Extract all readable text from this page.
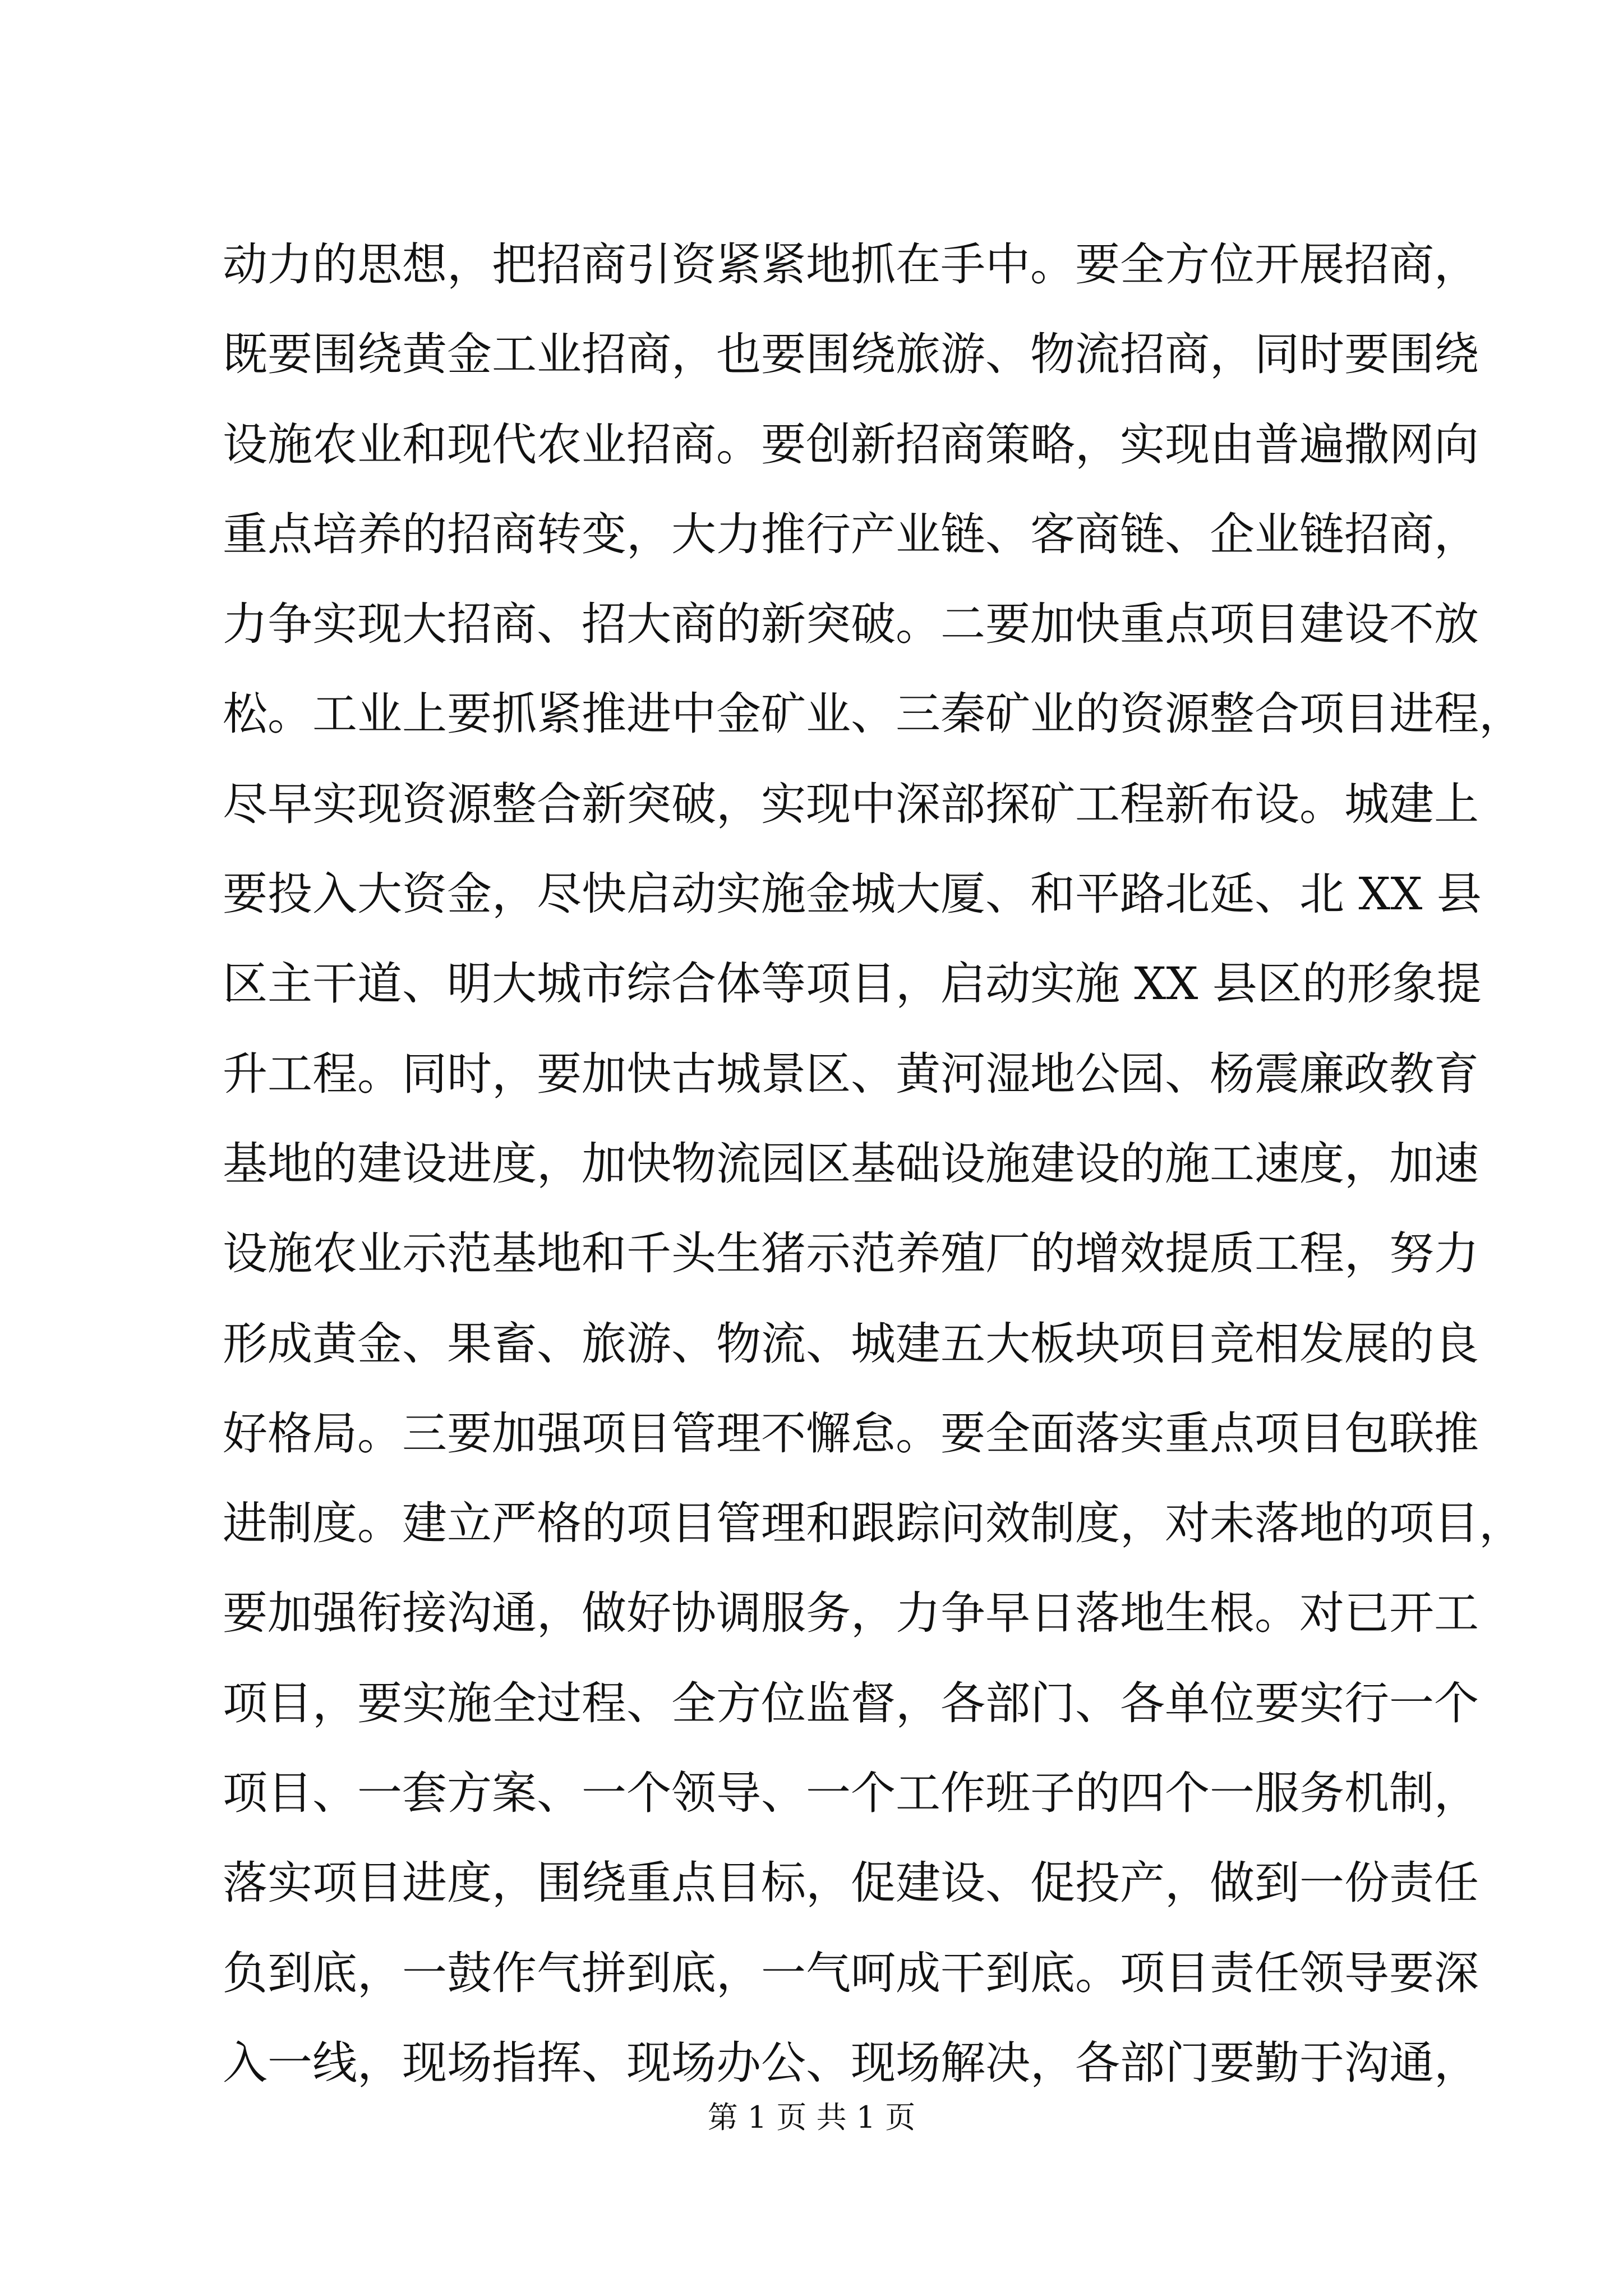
动力的思想，把招商引资紧紧地抓在手中。要全方位开展招商，
既要围绕黄金工业招商，也要围绕旅游、物流招商，同时要围绕
设施农业和现代农业招商。要创新招商策略，实现由普遍撒网向
重点培养的招商转变，大力推行产业链、客商链、企业链招商，
力争实现大招商、招大商的新突破。二要加快重点项目建设不放
松。工业上要抓紧推进中金矿业、三秦矿业的资源整合项目进程，
尽早实现资源整合新突破，实现中深部探矿工程新布设。城建上
要投入大资金，尽快启动实施金城大厦、和平路北延、北 XX 县
区主干道、明大城市综合体等项目，启动实施 XX 县区的形象提
升工程。同时，要加快古城景区、黄河湿地公园、杨震廉政教育
基地的建设进度，加快物流园区基础设施建设的施工速度，加速
设施农业示范基地和千头生猪示范养殖厂的增效提质工程，努力
形成黄金、果畜、旅游、物流、城建五大板块项目竞相发展的良
好格局。三要加强项目管理不懈怠。要全面落实重点项目包联推
进制度。建立严格的项目管理和跟踪问效制度，对未落地的项目，
要加强衔接沟通，做好协调服务，力争早日落地生根。对已开工
项目，要实施全过程、全方位监督，各部门、各单位要实行一个
项目、一套方案、一个领导、一个工作班子的四个一服务机制，
落实项目进度，围绕重点目标，促建设、促投产，做到一份责任
负到底，一鼓作气拼到底，一气呵成干到底。项目责任领导要深
入一线，现场指挥、现场办公、现场解决，各部门要勤于沟通，
第 1 页 共 1 页
